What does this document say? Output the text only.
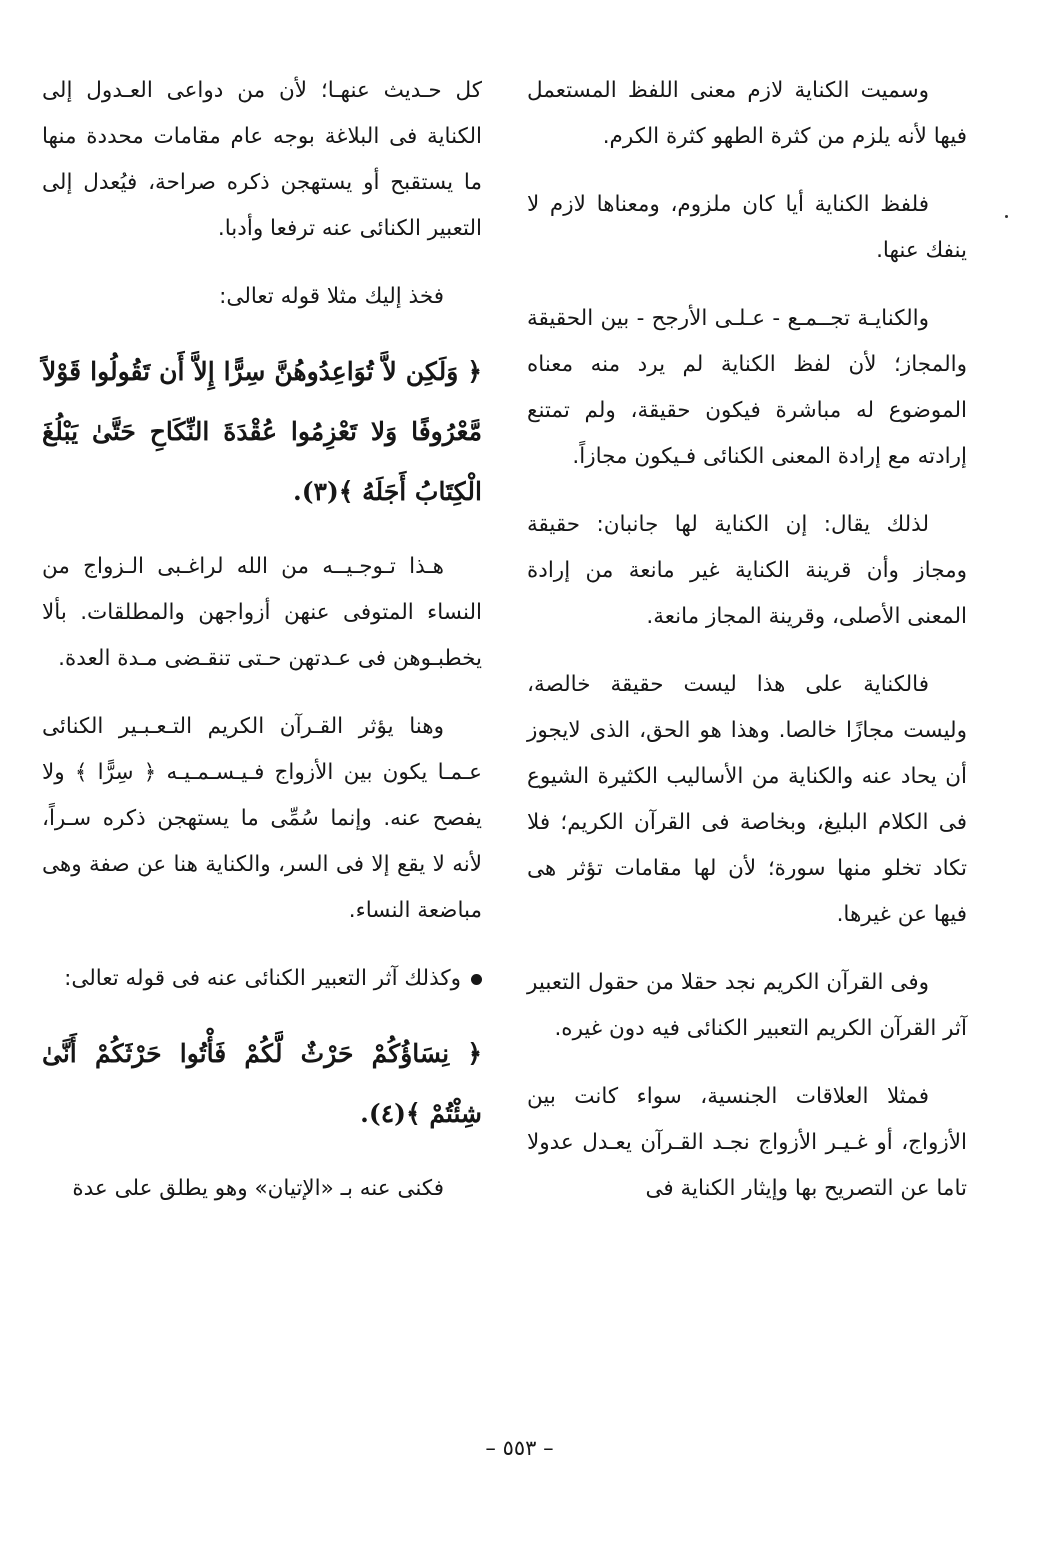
وسميت الكناية لازم معنى اللفظ المستعمل فيها لأنه يلزم من كثرة الطهو كثرة الكرم.

فلفظ الكناية أيا كان ملزوم، ومعناها لازم لا ينفك عنها.

والكنايـة تجــمـع - عـلـى الأرجح - بين الحقيقة والمجاز؛ لأن لفظ الكناية لم يرد منه معناه الموضوع له مباشرة فيكون حقيقة، ولم تمتنع إرادته مع إرادة المعنى الكنائى فـيكون مجازاً.

لذلك يقال: إن الكناية لها جانبان: حقيقة ومجاز وأن قرينة الكناية غير مانعة من إرادة المعنى الأصلى، وقرينة المجاز مانعة.

فالكناية على هذا ليست حقيقة خالصة، وليست مجازًا خالصا. وهذا هو الحق، الذى لايجوز أن يحاد عنه والكناية من الأساليب الكثيرة الشيوع فى الكلام البليغ، وبخاصة فى القرآن الكريم؛ فلا تكاد تخلو منها سورة؛ لأن لها مقامات تؤثر هى فيها عن غيرها.

وفى القرآن الكريم نجد حقلا من حقول التعبير آثر القرآن الكريم التعبير الكنائى فيه دون غيره.

فمثلا العلاقات الجنسية، سواء كانت بين الأزواج، أو غـيـر الأزواج نجـد القـرآن يعـدل عدولا تاما عن التصريح بها وإيثار الكناية فى

كل حـديث عنهـا؛ لأن من دواعى العـدول إلى الكناية فى البلاغة بوجه عام مقامات محددة منها ما يستقبح أو يستهجن ذكره صراحة، فيُعدل إلى التعبير الكنائى عنه ترفعا وأدبا.

فخذ إليك مثلا قوله تعالى:

﴿ وَلَكِن لاَّ تُوَاعِدُوهُنَّ سِرًّا إِلاَّ أَن تَقُولُوا قَوْلاً مَّعْرُوفًا وَلا تَعْزِمُوا عُقْدَةَ النِّكَاحِ حَتَّىٰ يَبْلُغَ الْكِتَابُ أَجَلَهُ ﴾(٣).

هـذا تـوجـيــه من الله لراغـبى الـزواج من النساء المتوفى عنهن أزواجهن والمطلقات. بألا يخطبـوهن فى عـدتهن حـتى تنقـضى مـدة العدة.

وهنا يؤثر القـرآن الكريم التـعـبـير الكنائى عـمـا يكون بين الأزواج فـيـسـمـيـه ﴿ سِرًّا ﴾ ولا يفصح عنه. وإنما سُمِّى ما يستهجن ذكره سـراً، لأنه لا يقع إلا فى السر، والكناية هنا عن صفة وهى مباضعة النساء.

وكذلك آثر التعبير الكنائى عنه فى قوله تعالى:

﴿ نِسَاؤُكُمْ حَرْثٌ لَّكُمْ فَأْتُوا حَرْثَكُمْ أَنَّىٰ شِئْتُمْ ﴾(٤).

فكنى عنه بـ «الإتيان» وهو يطلق على عدة

– ٥٥٣ –
